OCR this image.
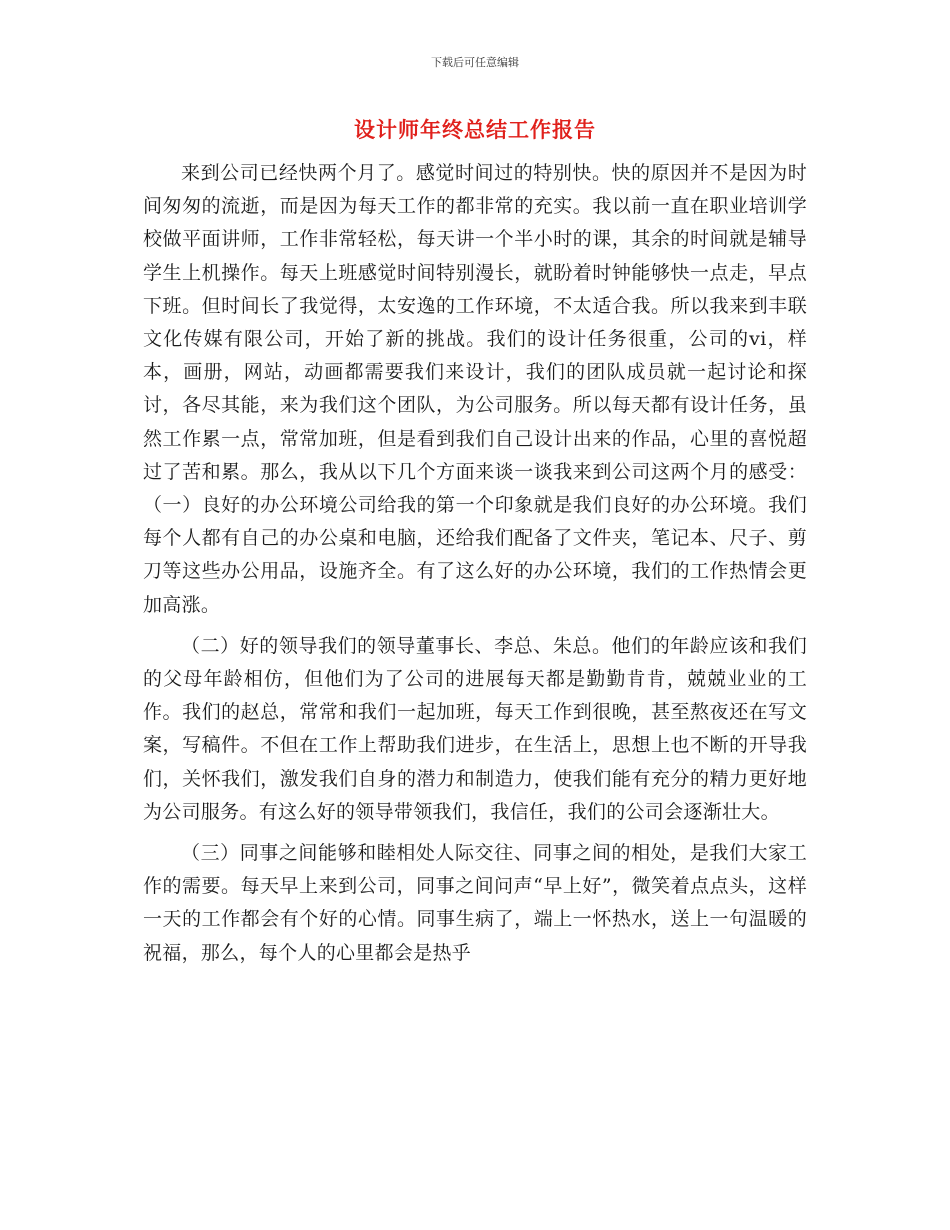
下载后可任意编辑
设计师年终总结工作报告

来到公司已经快两个月了。感觉时间过的特别快。快的原因并不是因为时间匆匆的流逝，而是因为每天工作的都非常的充实。我以前一直在职业培训学校做平面讲师，工作非常轻松，每天讲一个半小时的课，其余的时间就是辅导学生上机操作。每天上班感觉时间特别漫长，就盼着时钟能够快一点走，早点下班。但时间长了我觉得，太安逸的工作环境，不太适合我。所以我来到丰联文化传媒有限公司，开始了新的挑战。我们的设计任务很重，公司的vi，样本，画册，网站，动画都需要我们来设计，我们的团队成员就一起讨论和探讨，各尽其能，来为我们这个团队，为公司服务。所以每天都有设计任务，虽然工作累一点，常常加班，但是看到我们自己设计出来的作品，心里的喜悦超过了苦和累。那么，我从以下几个方面来谈一谈我来到公司这两个月的感受：（一）良好的办公环境公司给我的第一个印象就是我们良好的办公环境。我们每个人都有自己的办公桌和电脑，还给我们配备了文件夹，笔记本、尺子、剪刀等这些办公用品，设施齐全。有了这么好的办公环境，我们的工作热情会更加高涨。

（二）好的领导我们的领导董事长、李总、朱总。他们的年龄应该和我们的父母年龄相仿，但他们为了公司的进展每天都是勤勤肯肯，兢兢业业的工作。我们的赵总，常常和我们一起加班，每天工作到很晚，甚至熬夜还在写文案，写稿件。不但在工作上帮助我们进步，在生活上，思想上也不断的开导我们，关怀我们，激发我们自身的潜力和制造力，使我们能有充分的精力更好地为公司服务。有这么好的领导带领我们，我信任，我们的公司会逐渐壮大。

（三）同事之间能够和睦相处人际交往、同事之间的相处，是我们大家工作的需要。每天早上来到公司，同事之间问声“早上好”，微笑着点点头，这样一天的工作都会有个好的心情。同事生病了，端上一怀热水，送上一句温暖的祝福，那么，每个人的心里都会是热乎
